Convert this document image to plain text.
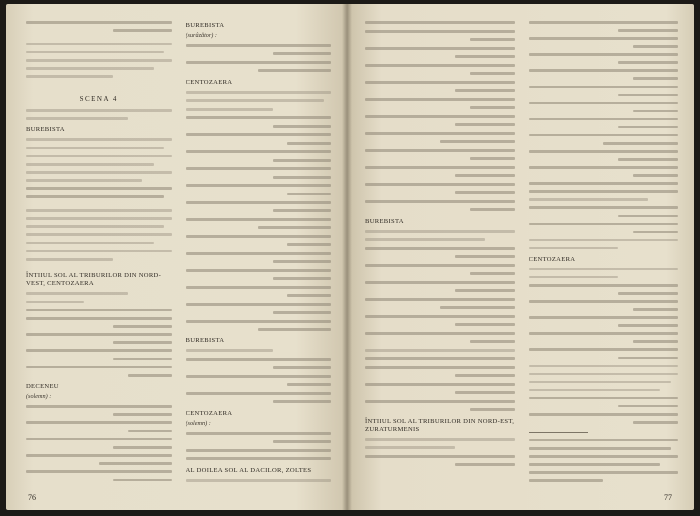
SCENA 4
BUREBISTA
ÎNTIIUL SOL AL TRIBURILOR DIN NORD-VEST, CENTOZAERA
DECENEU
(solemn) :
BUREBISTA
(surâzător) :
CENTOZAERA
BUREBISTA
CENTOZAERA
(solemn) :
AL DOILEA SOL AL DACILOR, ZOLTES
76
BUREBISTA
ÎNTIIUL SOL AL TRIBURILOR DIN NORD-EST, ZURATURMENIS
CENTOZAERA
77
